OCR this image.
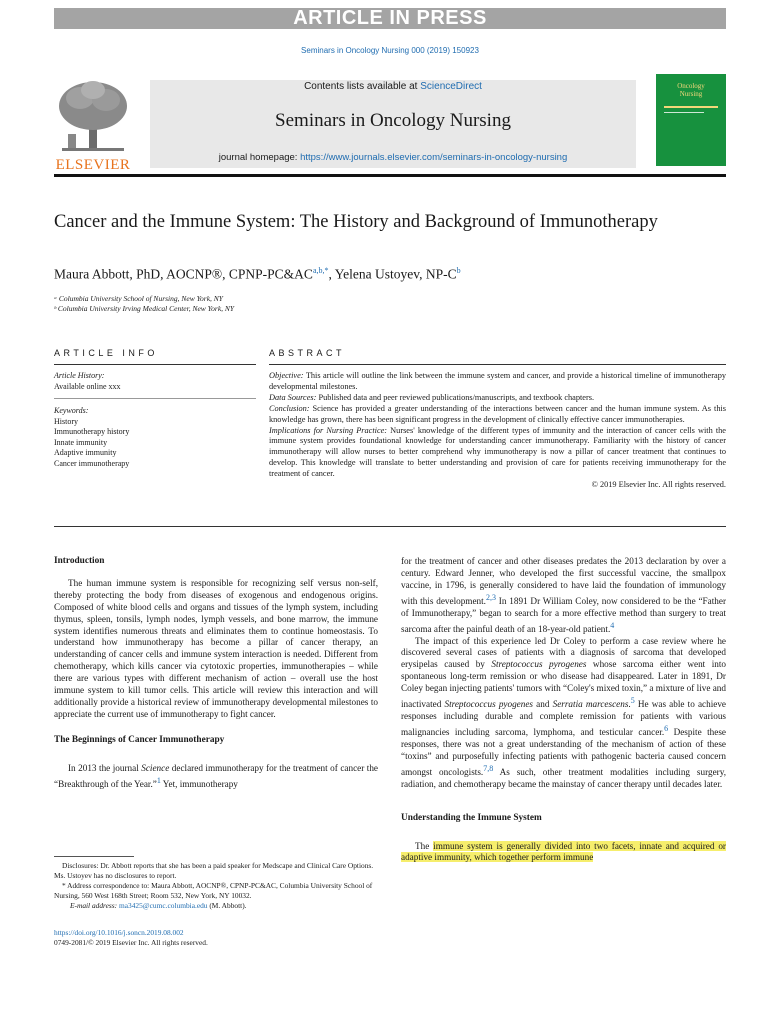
ARTICLE IN PRESS
Seminars in Oncology Nursing 000 (2019) 150923
ELSEVIER
Contents lists available at ScienceDirect
Seminars in Oncology Nursing
journal homepage: https://www.journals.elsevier.com/seminars-in-oncology-nursing
Oncology
Nursing
Cancer and the Immune System: The History and Background of Immunotherapy
Maura Abbott, PhD, AOCNP®, CPNP-PC&AC$^{a,b,*}$, Yelena Ustoyev, NP-C$^b$
ᵃ Columbia University School of Nursing, New York, NY
ᵇ Columbia University Irving Medical Center, New York, NY
ARTICLE INFO	ABSTRACT
Article History:
Available online xxx
Keywords:
History
Immunotherapy history
Innate immunity
Adaptive immunity
Cancer immunotherapy
Objective: This article will outline the link between the immune system and cancer, and provide a historical timeline of immunotherapy developmental milestones.
Data Sources: Published data and peer reviewed publications/manuscripts, and textbook chapters.
Conclusion: Science has provided a greater understanding of the interactions between cancer and the human immune system. As this knowledge has grown, there has been significant progress in the development of clinically effective cancer immunotherapies.
Implications for Nursing Practice: Nurses' knowledge of the different types of immunity and the interaction of cancer cells with the immune system provides foundational knowledge for understanding cancer immunotherapy. Familiarity with the history of cancer immunotherapy will allow nurses to better comprehend why immunotherapy is now a pillar of cancer treatment that continues to develop. This knowledge will translate to better understanding and provision of care for patients receiving immunotherapy for the treatment of cancer.
© 2019 Elsevier Inc. All rights reserved.
Introduction

The human immune system is responsible for recognizing self versus non-self, thereby protecting the body from diseases of exogenous and endogenous origins. Composed of white blood cells and organs and tissues of the lymph system, including thymus, spleen, tonsils, lymph nodes, lymph vessels, and bone marrow, the immune system identifies numerous threats and eliminates them to continue homeostasis. To understand how immunotherapy has become a pillar of cancer therapy, an understanding of cancer cells and immune system interaction is needed. Different from chemotherapy, which kills cancer via cytotoxic properties, immunotherapies – while there are various types with different mechanism of action – overall use the host immune system to kill tumor cells. This article will review this interaction and will additionally provide a historical review of immunotherapy developmental milestones to appreciate the current use of immunotherapy to fight cancer.

The Beginnings of Cancer Immunotherapy

In 2013 the journal Science declared immunotherapy for the treatment of cancer the “Breakthrough of the Year.”$^1$ Yet, immunotherapy

Disclosures: Dr. Abbott reports that she has been a paid speaker for Medscape and Clinical Care Options. Ms. Ustoyev has no disclosures to report.
* Address correspondence to: Maura Abbott, AOCNP®, CPNP-PC&AC, Columbia University School of Nursing, 560 West 168th Street; Room 532, New York, NY 10032.
E-mail address: ma3425@cumc.columbia.edu (M. Abbott).
https://doi.org/10.1016/j.soncn.2019.08.002
0749-2081/© 2019 Elsevier Inc. All rights reserved.

for the treatment of cancer and other diseases predates the 2013 declaration by over a century. Edward Jenner, who developed the first successful vaccine, the smallpox vaccine, in 1796, is generally considered to have laid the foundation of immunology with this development.$^{2,3}$ In 1891 Dr William Coley, now considered to be the “Father of Immunotherapy,” began to search for a more effective method than surgery to treat sarcoma after the painful death of an 18-year-old patient.$^4$

The impact of this experience led Dr Coley to perform a case review where he discovered several cases of patients with a diagnosis of sarcoma that developed erysipelas caused by Streptococcus pyrogenes whose sarcoma either went into spontaneous long-term remission or who disease had disappeared. Later in 1891, Dr Coley began injecting patients' tumors with “Coley's mixed toxin,” a mixture of live and inactivated Streptococcus pyogenes and Serratia marcescens.$^5$ He was able to achieve responses including durable and complete remission for patients with various malignancies including sarcoma, lymphoma, and testicular cancer.$^6$ Despite these responses, there was not a great understanding of the mechanism of action of these “toxins” and purposefully infecting patients with pathogenic bacteria caused concern amongst oncologists.$^{7,8}$ As such, other treatment modalities including surgery, radiation, and chemotherapy became the mainstay of cancer therapy until decades later.

Understanding the Immune System

The immune system is generally divided into two facets, innate and acquired or adaptive immunity, which together perform immune
